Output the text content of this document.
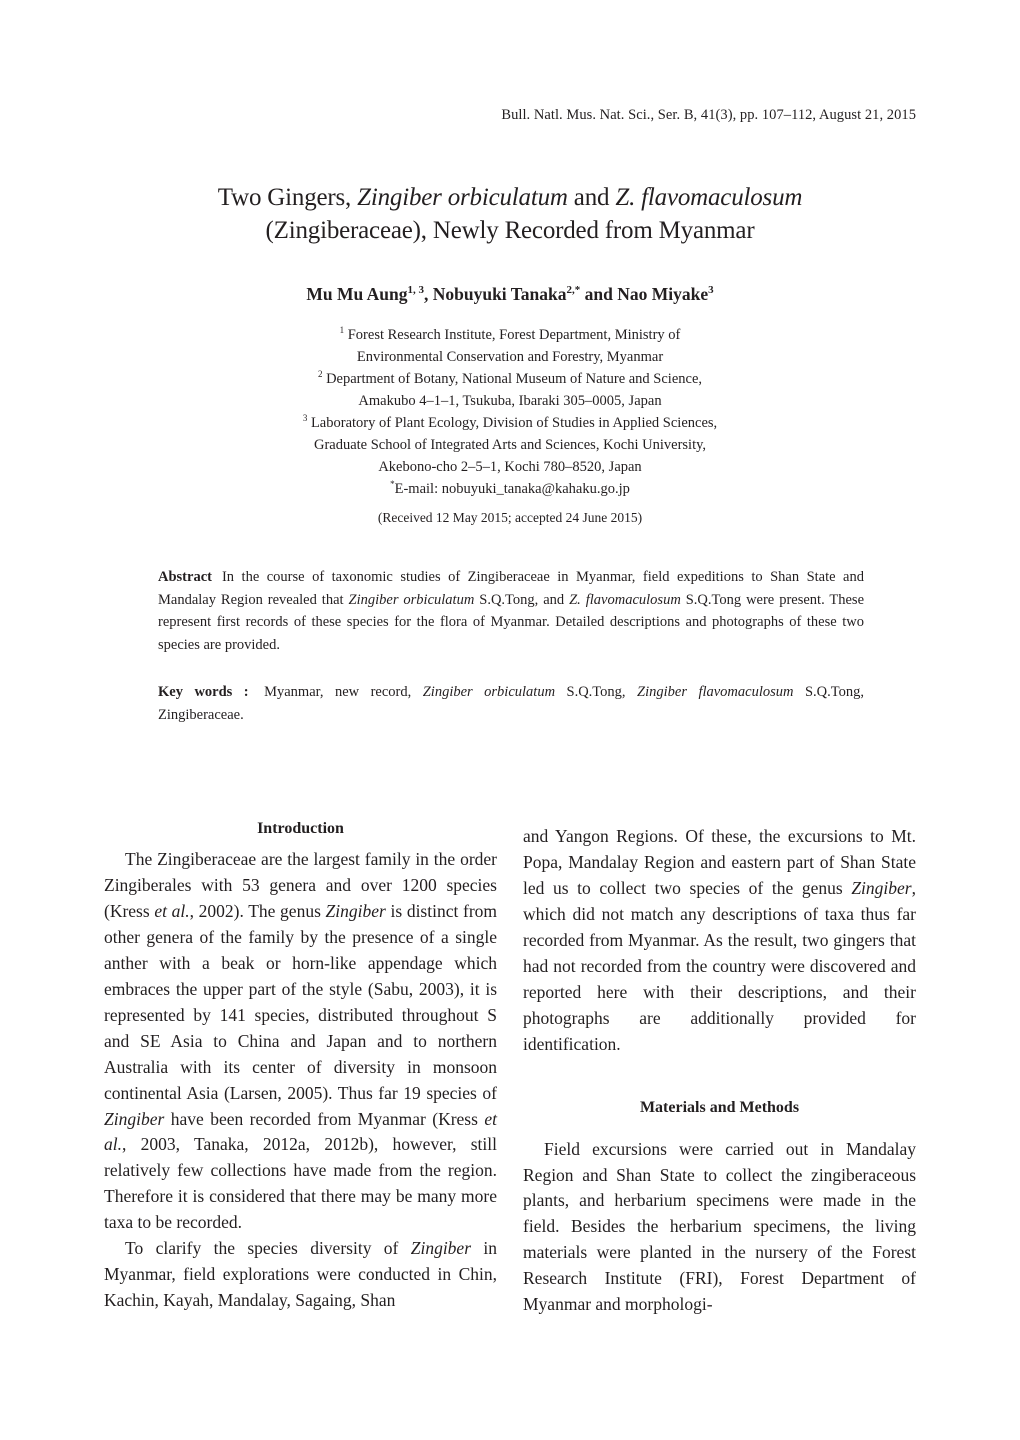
Bull. Natl. Mus. Nat. Sci., Ser. B, 41(3), pp. 107–112, August 21, 2015
Two Gingers, Zingiber orbiculatum and Z. flavomaculosum
(Zingiberaceae), Newly Recorded from Myanmar
Mu Mu Aung$^{1, 3}$, Nobuyuki Tanaka$^{2,*}$ and Nao Miyake$^3$
$^1$ Forest Research Institute, Forest Department, Ministry of
Environmental Conservation and Forestry, Myanmar
$^2$ Department of Botany, National Museum of Nature and Science,
Amakubo 4–1–1, Tsukuba, Ibaraki 305–0005, Japan
$^3$ Laboratory of Plant Ecology, Division of Studies in Applied Sciences,
Graduate School of Integrated Arts and Sciences, Kochi University,
Akebono-cho 2–5–1, Kochi 780–8520, Japan
*E-mail: nobuyuki_tanaka@kahaku.go.jp
(Received 12 May 2015; accepted 24 June 2015)
Abstract In the course of taxonomic studies of Zingiberaceae in Myanmar, field expeditions to Shan State and Mandalay Region revealed that Zingiber orbiculatum S.Q.Tong, and Z. flavomaculosum S.Q.Tong were present. These represent first records of these species for the flora of Myanmar. Detailed descriptions and photographs of these two species are provided.
Key words : Myanmar, new record, Zingiber orbiculatum S.Q.Tong, Zingiber flavomaculosum S.Q.Tong, Zingiberaceae.
Introduction

The Zingiberaceae are the largest family in the order Zingiberales with 53 genera and over 1200 species (Kress et al., 2002). The genus Zingiber is distinct from other genera of the family by the presence of a single anther with a beak or horn-like appendage which embraces the upper part of the style (Sabu, 2003), it is represented by 141 species, distributed throughout S and SE Asia to China and Japan and to northern Australia with its center of diversity in monsoon continental Asia (Larsen, 2005). Thus far 19 species of Zingiber have been recorded from Myanmar (Kress et al., 2003, Tanaka, 2012a, 2012b), however, still relatively few collections have made from the region. Therefore it is considered that there may be many more taxa to be recorded.

To clarify the species diversity of Zingiber in Myanmar, field explorations were conducted in Chin, Kachin, Kayah, Mandalay, Sagaing, Shan

and Yangon Regions. Of these, the excursions to Mt. Popa, Mandalay Region and eastern part of Shan State led us to collect two species of the genus Zingiber, which did not match any descriptions of taxa thus far recorded from Myanmar. As the result, two gingers that had not recorded from the country were discovered and reported here with their descriptions, and their photographs are additionally provided for identification.

Materials and Methods

Field excursions were carried out in Mandalay Region and Shan State to collect the zingiberaceous plants, and herbarium specimens were made in the field. Besides the herbarium specimens, the living materials were planted in the nursery of the Forest Research Institute (FRI), Forest Department of Myanmar and morphologi-
